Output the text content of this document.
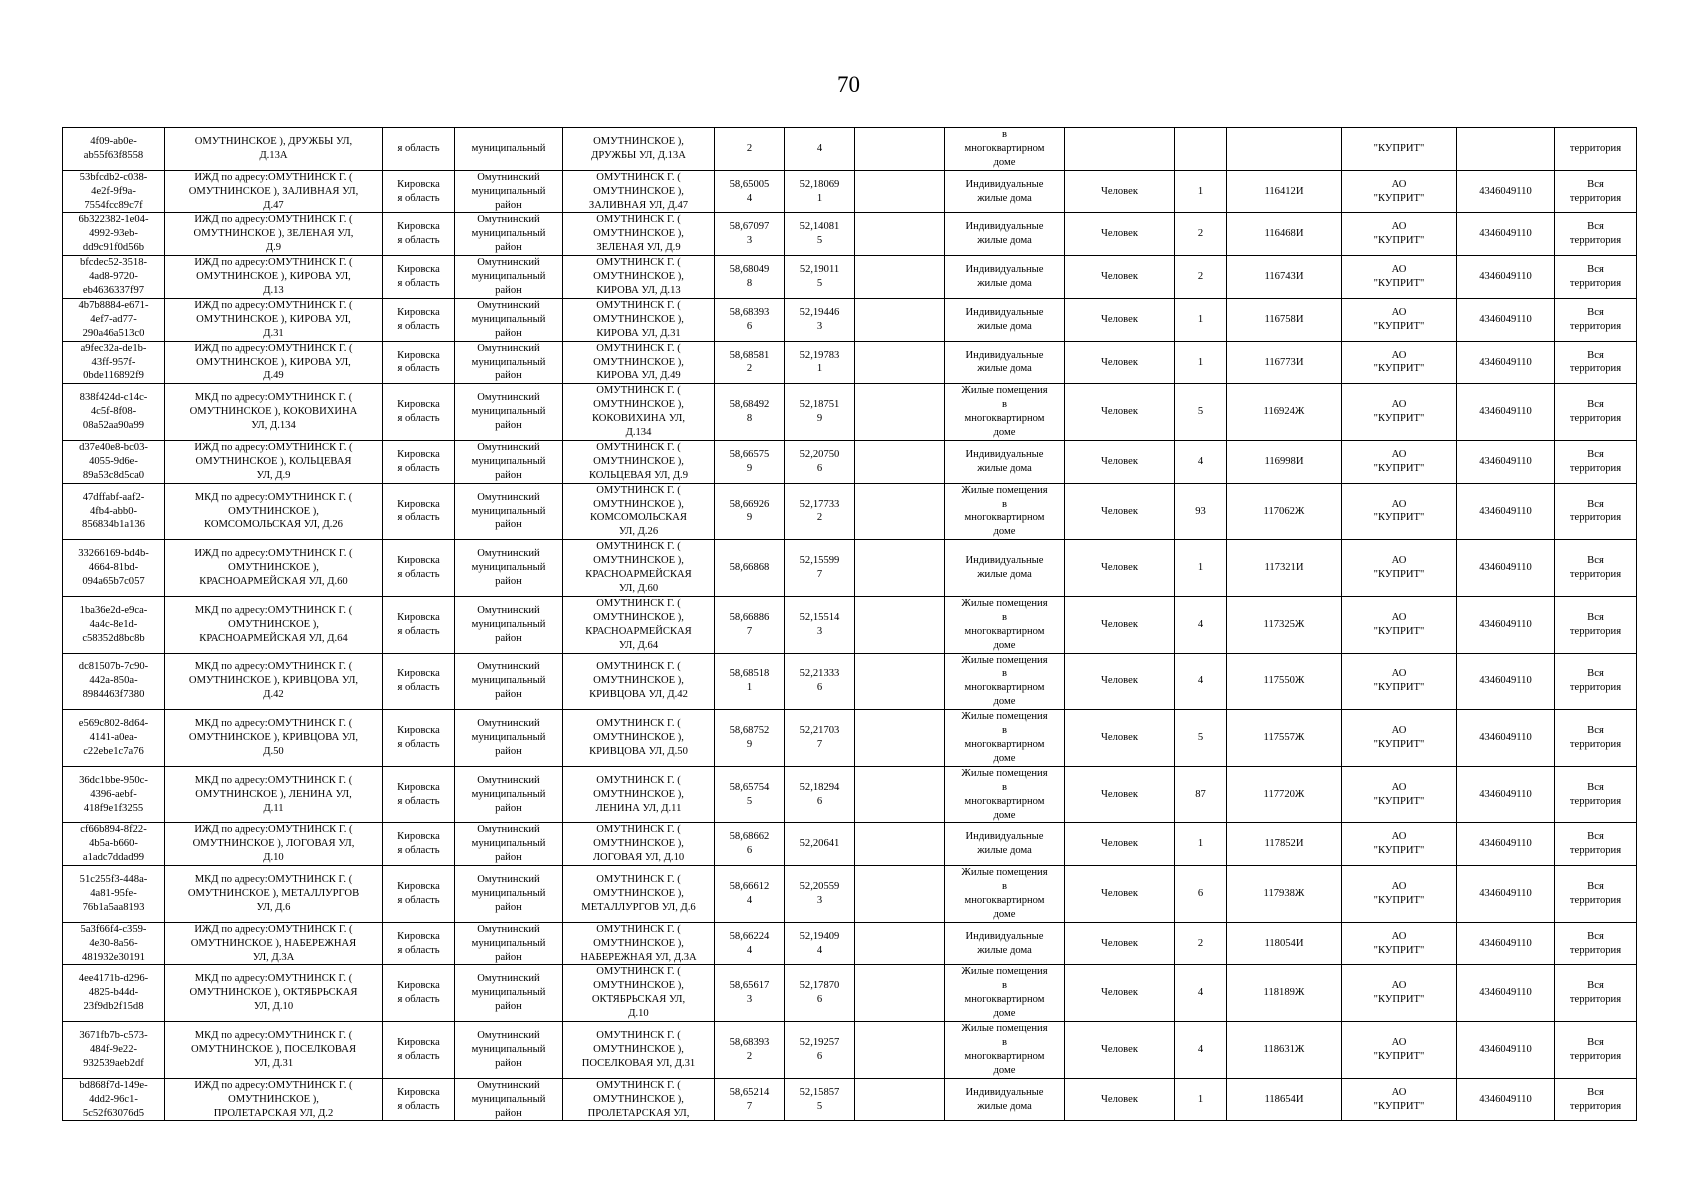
70
4f09-ab0e-
ab55f63f8558	ОМУТНИНСКОЕ ), ДРУЖБЫ УЛ,
Д.13А	я область	муниципальный	ОМУТНИНСКОЕ ),
ДРУЖБЫ УЛ, Д.13А	2	4		в
многоквартирном
доме				"КУПРИТ"		территория
53bfcdb2-c038-
4e2f-9f9a-
7554fcc89c7f	ИЖД по адресу:ОМУТНИНСК Г. (
ОМУТНИНСКОЕ ), ЗАЛИВНАЯ УЛ,
Д.47	Кировска
я область	Омутнинский
муниципальный
район	ОМУТНИНСК Г. (
ОМУТНИНСКОЕ ),
ЗАЛИВНАЯ УЛ, Д.47	58,65005
4	52,18069
1		Индивидуальные
жилые дома	Человек	1	116412И	АО
"КУПРИТ"	4346049110	Вся
территория
6b322382-1e04-
4992-93eb-
dd9c91f0d56b	ИЖД по адресу:ОМУТНИНСК Г. (
ОМУТНИНСКОЕ ), ЗЕЛЕНАЯ УЛ,
Д.9	Кировска
я область	Омутнинский
муниципальный
район	ОМУТНИНСК Г. (
ОМУТНИНСКОЕ ),
ЗЕЛЕНАЯ УЛ, Д.9	58,67097
3	52,14081
5		Индивидуальные
жилые дома	Человек	2	116468И	АО
"КУПРИТ"	4346049110	Вся
территория
bfcdec52-3518-
4ad8-9720-
eb4636337f97	ИЖД по адресу:ОМУТНИНСК Г. (
ОМУТНИНСКОЕ ), КИРОВА УЛ,
Д.13	Кировска
я область	Омутнинский
муниципальный
район	ОМУТНИНСК Г. (
ОМУТНИНСКОЕ ),
КИРОВА УЛ, Д.13	58,68049
8	52,19011
5		Индивидуальные
жилые дома	Человек	2	116743И	АО
"КУПРИТ"	4346049110	Вся
территория
4b7b8884-e671-
4ef7-ad77-
290a46a513c0	ИЖД по адресу:ОМУТНИНСК Г. (
ОМУТНИНСКОЕ ), КИРОВА УЛ,
Д.31	Кировска
я область	Омутнинский
муниципальный
район	ОМУТНИНСК Г. (
ОМУТНИНСКОЕ ),
КИРОВА УЛ, Д.31	58,68393
6	52,19446
3		Индивидуальные
жилые дома	Человек	1	116758И	АО
"КУПРИТ"	4346049110	Вся
территория
a9fec32a-de1b-
43ff-957f-
0bde116892f9	ИЖД по адресу:ОМУТНИНСК Г. (
ОМУТНИНСКОЕ ), КИРОВА УЛ,
Д.49	Кировска
я область	Омутнинский
муниципальный
район	ОМУТНИНСК Г. (
ОМУТНИНСКОЕ ),
КИРОВА УЛ, Д.49	58,68581
2	52,19783
1		Индивидуальные
жилые дома	Человек	1	116773И	АО
"КУПРИТ"	4346049110	Вся
территория
838f424d-c14c-
4c5f-8f08-
08a52aa90a99	МКД по адресу:ОМУТНИНСК Г. (
ОМУТНИНСКОЕ ), КОКОВИХИНА
УЛ, Д.134	Кировска
я область	Омутнинский
муниципальный
район	ОМУТНИНСК Г. (
ОМУТНИНСКОЕ ),
КОКОВИХИНА УЛ,
Д.134	58,68492
8	52,18751
9		Жилые помещения
в
многоквартирном
доме	Человек	5	116924Ж	АО
"КУПРИТ"	4346049110	Вся
территория
d37e40e8-bc03-
4055-9d6e-
89a53c8d5ca0	ИЖД по адресу:ОМУТНИНСК Г. (
ОМУТНИНСКОЕ ), КОЛЬЦЕВАЯ
УЛ, Д.9	Кировска
я область	Омутнинский
муниципальный
район	ОМУТНИНСК Г. (
ОМУТНИНСКОЕ ),
КОЛЬЦЕВАЯ УЛ, Д.9	58,66575
9	52,20750
6		Индивидуальные
жилые дома	Человек	4	116998И	АО
"КУПРИТ"	4346049110	Вся
территория
47dffabf-aaf2-
4fb4-abb0-
856834b1a136	МКД по адресу:ОМУТНИНСК Г. (
ОМУТНИНСКОЕ ),
КОМСОМОЛЬСКАЯ УЛ, Д.26	Кировска
я область	Омутнинский
муниципальный
район	ОМУТНИНСК Г. (
ОМУТНИНСКОЕ ),
КОМСОМОЛЬСКАЯ
УЛ, Д.26	58,66926
9	52,17733
2		Жилые помещения
в
многоквартирном
доме	Человек	93	117062Ж	АО
"КУПРИТ"	4346049110	Вся
территория
33266169-bd4b-
4664-81bd-
094a65b7c057	ИЖД по адресу:ОМУТНИНСК Г. (
ОМУТНИНСКОЕ ),
КРАСНОАРМЕЙСКАЯ УЛ, Д.60	Кировска
я область	Омутнинский
муниципальный
район	ОМУТНИНСК Г. (
ОМУТНИНСКОЕ ),
КРАСНОАРМЕЙСКАЯ
УЛ, Д.60	58,66868	52,15599
7		Индивидуальные
жилые дома	Человек	1	117321И	АО
"КУПРИТ"	4346049110	Вся
территория
1ba36e2d-e9ca-
4a4c-8e1d-
c58352d8bc8b	МКД по адресу:ОМУТНИНСК Г. (
ОМУТНИНСКОЕ ),
КРАСНОАРМЕЙСКАЯ УЛ, Д.64	Кировска
я область	Омутнинский
муниципальный
район	ОМУТНИНСК Г. (
ОМУТНИНСКОЕ ),
КРАСНОАРМЕЙСКАЯ
УЛ, Д.64	58,66886
7	52,15514
3		Жилые помещения
в
многоквартирном
доме	Человек	4	117325Ж	АО
"КУПРИТ"	4346049110	Вся
территория
dc81507b-7c90-
442a-850a-
8984463f7380	МКД по адресу:ОМУТНИНСК Г. (
ОМУТНИНСКОЕ ), КРИВЦОВА УЛ,
Д.42	Кировска
я область	Омутнинский
муниципальный
район	ОМУТНИНСК Г. (
ОМУТНИНСКОЕ ),
КРИВЦОВА УЛ, Д.42	58,68518
1	52,21333
6		Жилые помещения
в
многоквартирном
доме	Человек	4	117550Ж	АО
"КУПРИТ"	4346049110	Вся
территория
e569c802-8d64-
4141-a0ea-
c22ebe1c7a76	МКД по адресу:ОМУТНИНСК Г. (
ОМУТНИНСКОЕ ), КРИВЦОВА УЛ,
Д.50	Кировска
я область	Омутнинский
муниципальный
район	ОМУТНИНСК Г. (
ОМУТНИНСКОЕ ),
КРИВЦОВА УЛ, Д.50	58,68752
9	52,21703
7		Жилые помещения
в
многоквартирном
доме	Человек	5	117557Ж	АО
"КУПРИТ"	4346049110	Вся
территория
36dc1bbe-950c-
4396-aebf-
418f9e1f3255	МКД по адресу:ОМУТНИНСК Г. (
ОМУТНИНСКОЕ ), ЛЕНИНА УЛ,
Д.11	Кировска
я область	Омутнинский
муниципальный
район	ОМУТНИНСК Г. (
ОМУТНИНСКОЕ ),
ЛЕНИНА УЛ, Д.11	58,65754
5	52,18294
6		Жилые помещения
в
многоквартирном
доме	Человек	87	117720Ж	АО
"КУПРИТ"	4346049110	Вся
территория
cf66b894-8f22-
4b5a-b660-
a1adc7ddad99	ИЖД по адресу:ОМУТНИНСК Г. (
ОМУТНИНСКОЕ ), ЛОГОВАЯ УЛ,
Д.10	Кировска
я область	Омутнинский
муниципальный
район	ОМУТНИНСК Г. (
ОМУТНИНСКОЕ ),
ЛОГОВАЯ УЛ, Д.10	58,68662
6	52,20641		Индивидуальные
жилые дома	Человек	1	117852И	АО
"КУПРИТ"	4346049110	Вся
территория
51c255f3-448a-
4a81-95fe-
76b1a5aa8193	МКД по адресу:ОМУТНИНСК Г. (
ОМУТНИНСКОЕ ), МЕТАЛЛУРГОВ
УЛ, Д.6	Кировска
я область	Омутнинский
муниципальный
район	ОМУТНИНСК Г. (
ОМУТНИНСКОЕ ),
МЕТАЛЛУРГОВ УЛ, Д.6	58,66612
4	52,20559
3		Жилые помещения
в
многоквартирном
доме	Человек	6	117938Ж	АО
"КУПРИТ"	4346049110	Вся
территория
5a3f66f4-c359-
4e30-8a56-
481932e30191	ИЖД по адресу:ОМУТНИНСК Г. (
ОМУТНИНСКОЕ ), НАБЕРЕЖНАЯ
УЛ, Д.3А	Кировска
я область	Омутнинский
муниципальный
район	ОМУТНИНСК Г. (
ОМУТНИНСКОЕ ),
НАБЕРЕЖНАЯ УЛ, Д.3А	58,66224
4	52,19409
4		Индивидуальные
жилые дома	Человек	2	118054И	АО
"КУПРИТ"	4346049110	Вся
территория
4ee4171b-d296-
4825-b44d-
23f9db2f15d8	МКД по адресу:ОМУТНИНСК Г. (
ОМУТНИНСКОЕ ), ОКТЯБРЬСКАЯ
УЛ, Д.10	Кировска
я область	Омутнинский
муниципальный
район	ОМУТНИНСК Г. (
ОМУТНИНСКОЕ ),
ОКТЯБРЬСКАЯ УЛ,
Д.10	58,65617
3	52,17870
6		Жилые помещения
в
многоквартирном
доме	Человек	4	118189Ж	АО
"КУПРИТ"	4346049110	Вся
территория
3671fb7b-c573-
484f-9e22-
932539aeb2df	МКД по адресу:ОМУТНИНСК Г. (
ОМУТНИНСКОЕ ), ПОСЕЛКОВАЯ
УЛ, Д.31	Кировска
я область	Омутнинский
муниципальный
район	ОМУТНИНСК Г. (
ОМУТНИНСКОЕ ),
ПОСЕЛКОВАЯ УЛ, Д.31	58,68393
2	52,19257
6		Жилые помещения
в
многоквартирном
доме	Человек	4	118631Ж	АО
"КУПРИТ"	4346049110	Вся
территория
bd868f7d-149e-
4dd2-96c1-
5c52f63076d5	ИЖД по адресу:ОМУТНИНСК Г. (
ОМУТНИНСКОЕ ),
ПРОЛЕТАРСКАЯ УЛ, Д.2	Кировска
я область	Омутнинский
муниципальный
район	ОМУТНИНСК Г. (
ОМУТНИНСКОЕ ),
ПРОЛЕТАРСКАЯ УЛ,	58,65214
7	52,15857
5		Индивидуальные
жилые дома	Человек	1	118654И	АО
"КУПРИТ"	4346049110	Вся
территория
